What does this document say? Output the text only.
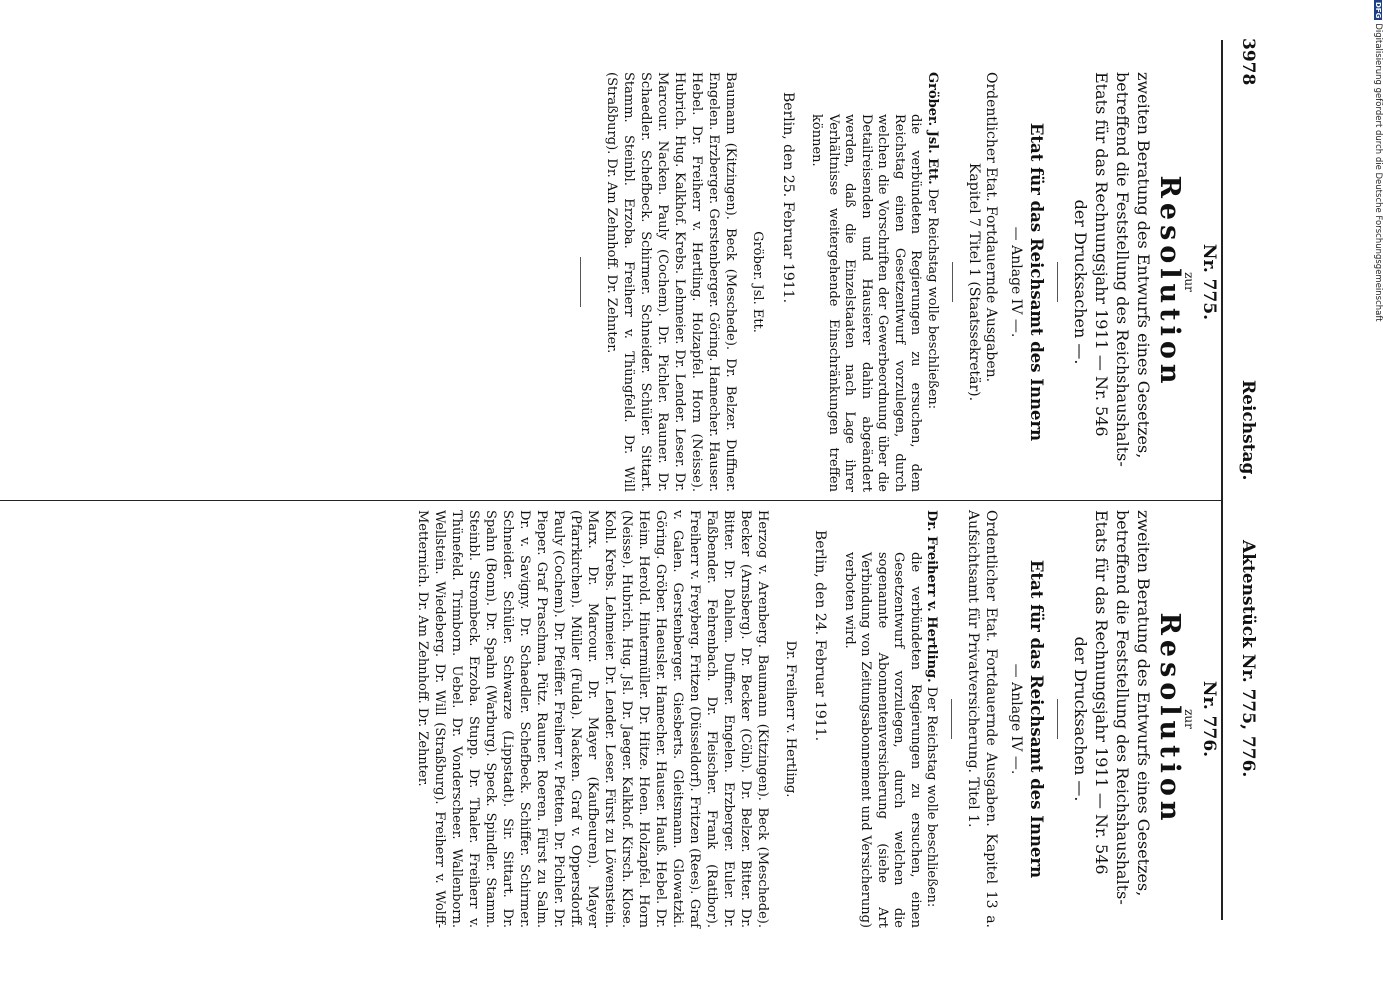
3978
Reichstag.
Aktenstück Nr. 775, 776.
Nr. 775.
zur
Resolution
zweiten Beratung des Entwurfs eines Gesetzes,
betreffend die Feststellung des Reichshaushalts-
Etats für das Rechnungsjahr 1911 — Nr. 546
der Drucksachen —.
Etat für das Reichsamt des Innern
— Anlage IV —.
Ordentlicher Etat. Fortdauernde Ausgaben.
Kapitel 7 Titel 1 (Staatssekretär).
Gröber. Jsl. Ett. Der Reichstag wolle beschließen:
die verbündeten Regierungen zu ersuchen, dem Reichstag einen Gesetzentwurf vorzulegen, durch welchen die Vorschriften der Gewerbeordnung über die Detailreisenden und Hausierer dahin abgeändert werden, daß die Einzelstaaten nach Lage ihrer Verhältnisse weitergehende Einschränkungen treffen können.
Berlin, den 25. Februar 1911.
Gröber. Jsl. Ett.
Baumann (Kitzingen). Beck (Meschede). Dr. Belzer. Duffner. Engelen. Erzberger. Gerstenberger. Göring. Hamecher. Hauser. Hebel. Dr. Freiherr v. Hertling. Holzapfel. Horn (Neisse). Hubrich. Hug. Kalkhof. Krebs. Lehmeier. Dr. Lender. Leser. Dr. Marcour. Nacken. Pauly (Cochem). Dr. Pichler. Rauner. Dr. Schaedler. Schefbeck. Schirmer. Schneider. Schüler. Sittart. Stamm. Steinbl. Erzoba. Freiherr v. Thüngfeld. Dr. Will (Straßburg). Dr. Am Zehnhoff. Dr. Zehnter.
Nr. 776.
zur
Resolution
zweiten Beratung des Entwurfs eines Gesetzes,
betreffend die Feststellung des Reichshaushalts-
Etats für das Rechnungsjahr 1911 — Nr. 546
der Drucksachen —.
Etat für das Reichsamt des Innern
— Anlage IV —.
Ordentlicher Etat. Fortdauernde Ausgaben. Kapitel 13 a. Aufsichtsamt für Privatversicherung. Titel 1.
Dr. Freiherr v. Hertling. Der Reichstag wolle beschließen:
die verbündeten Regierungen zu ersuchen, einen Gesetzentwurf vorzulegen, durch welchen die sogenannte Abonnentenversicherung (siehe Art Verbindung von Zeitungsabonnement und Versicherung) verboten wird.
Berlin, den 24. Februar 1911.
Dr. Freiherr v. Hertling.
Herzog v. Arenberg. Baumann (Kitzingen). Beck (Meschede). Becker (Arnsberg). Dr. Becker (Cöln). Dr. Belzer. Bitter. Dr. Bitter. Dr. Dahlem. Duffner. Engelen. Erzberger. Euler. Dr. Faßbender. Fehrenbach. Dr. Fleischer. Frank (Ratibor). Freiherr v. Freyberg. Fritzen (Düsseldorf). Fritzen (Rees). Graf v. Galen. Gerstenberger. Giesberts. Gleitsmann. Glowatzki. Göring. Gröber. Haeusler. Hamecher. Hauser. Hauß. Hebel. Dr. Heim. Herold. Hintermüller. Dr. Hitze. Hoen. Holzapfel. Horn (Neisse). Hubrich. Hug. Jsl. Dr. Jaeger. Kalkhof. Kirsch. Klose. Kohl. Krebs. Lehmeier. Dr. Lender. Leser. Fürst zu Löwenstein. Marx. Dr. Marcour. Dr. Mayer (Kaufbeuren). Mayer (Pfarrkirchen). Müller (Fulda). Nacken. Graf v. Oppersdorff. Pauly (Cochem). Dr. Pfeiffer. Freiherr v. Pfetten. Dr. Pichler. Dr. Pieper. Graf Praschma. Pütz. Rauner. Roeren. Fürst zu Salm. Dr. v. Savigny. Dr. Schaedler. Schefbeck. Schiffer. Schirmer. Schneider. Schüler. Schwarze (Lippstadt). Sir. Sittart. Dr. Spahn (Bonn). Dr. Spahn (Warburg). Speck. Spindler. Stamm. Steinbl. Strombeck. Erzoba. Stupp. Dr. Thaler. Freiherr v. Thünefeld. Trimborn. Uebel. Dr. Vonderscheer. Wallenborn. Wellstein. Wiedeberg. Dr. Will (Straßburg). Freiherr v. Wolff-Metternich. Dr. Am Zehnhoff. Dr. Zehnter.
DFGDigitalisierung gefördert durch die Deutsche Forschungsgemeinschaft
